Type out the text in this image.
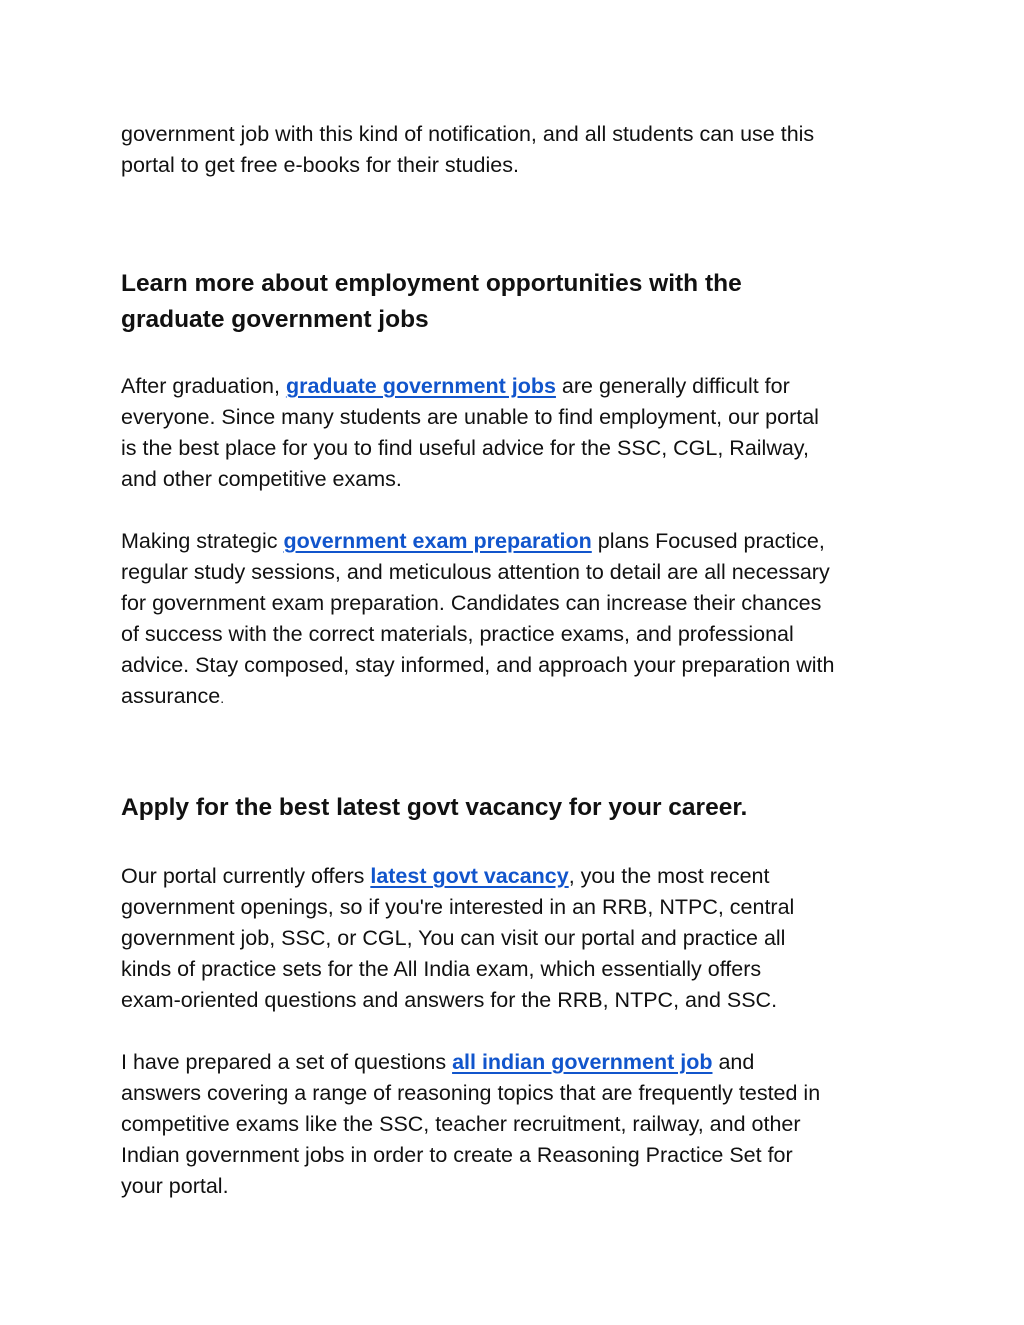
government job with this kind of notification, and all students can use this
portal to get free e-books for their studies.

Learn more about employment opportunities with the
graduate government jobs

After graduation, graduate government jobs are generally difficult for
everyone. Since many students are unable to find employment, our portal
is the best place for you to find useful advice for the SSC, CGL, Railway,
and other competitive exams.

Making strategic government exam preparation plans Focused practice,
regular study sessions, and meticulous attention to detail are all necessary
for government exam preparation. Candidates can increase their chances
of success with the correct materials, practice exams, and professional
advice. Stay composed, stay informed, and approach your preparation with
assurance.

Apply for the best latest govt vacancy for your career.

Our portal currently offers latest govt vacancy, you the most recent
government openings, so if you're interested in an RRB, NTPC, central
government job, SSC, or CGL, You can visit our portal and practice all
kinds of practice sets for the All India exam, which essentially offers
exam-oriented questions and answers for the RRB, NTPC, and SSC.

I have prepared a set of questions all indian government job and
answers covering a range of reasoning topics that are frequently tested in
competitive exams like the SSC, teacher recruitment, railway, and other
Indian government jobs in order to create a Reasoning Practice Set for
your portal.
